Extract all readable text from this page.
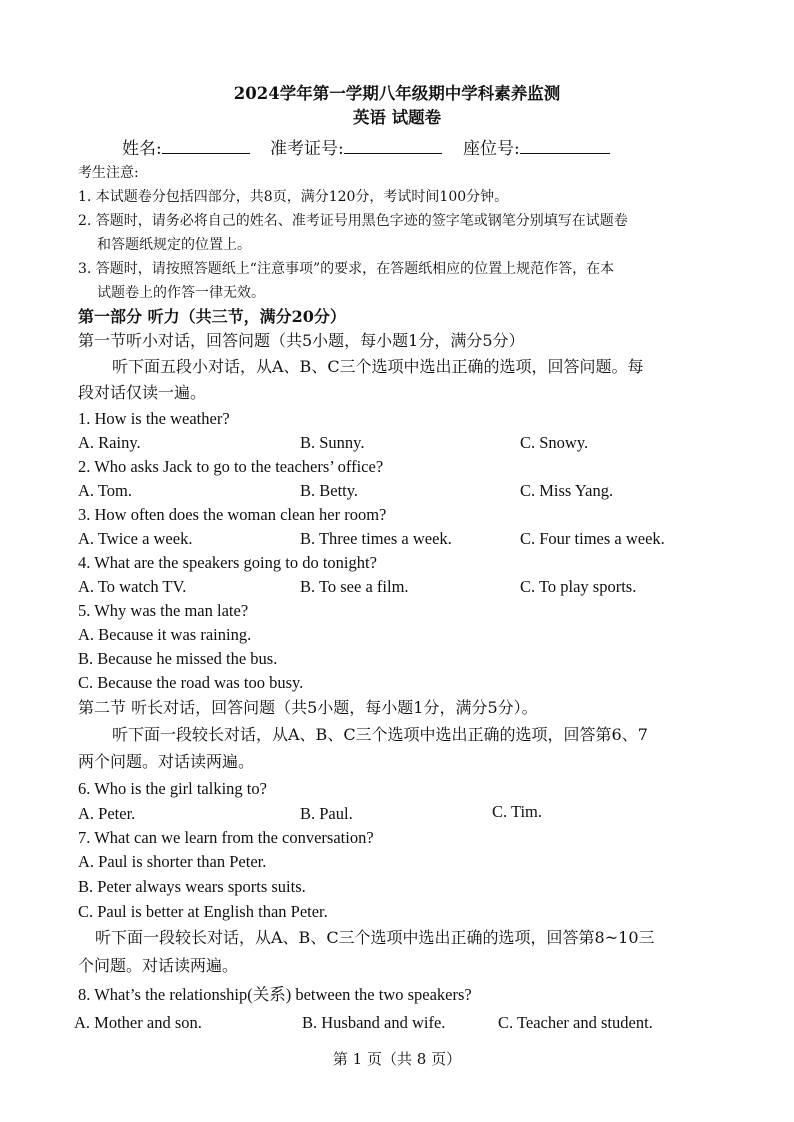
2024学年第一学期八年级期中学科素养监测
英语 试题卷
姓名:	准考证号:	座位号:
考生注意:
1. 本试题卷分包括四部分，共8页，满分120分，考试时间100分钟。
2. 答题时，请务必将自己的姓名、准考证号用黑色字迹的签字笔或钢笔分别填写在试题卷
和答题纸规定的位置上。
3. 答题时，请按照答题纸上“注意事项”的要求，在答题纸相应的位置上规范作答，在本
试题卷上的作答一律无效。
第一部分 听力（共三节，满分20分）
第一节听小对话，回答问题（共5小题，每小题1分，满分5分）
听下面五段小对话，从A、B、C三个选项中选出正确的选项，回答问题。每
段对话仅读一遍。
1. How is the weather?
A. Rainy.	B. Sunny.	C. Snowy.
2. Who asks Jack to go to the teachers’ office?
A. Tom.	B. Betty.	C. Miss Yang.
3. How often does the woman clean her room?
A. Twice a week.	B. Three times a week.	C. Four times a week.
4. What are the speakers going to do tonight?
A. To watch TV.	B. To see a film.	C. To play sports.
5. Why was the man late?
A. Because it was raining.
B. Because he missed the bus.
C. Because the road was too busy.
第二节 听长对话，回答问题（共5小题，每小题1分，满分5分）。
听下面一段较长对话，从A、B、C三个选项中选出正确的选项，回答第6、7
两个问题。对话读两遍。
6. Who is the girl talking to?
A. Peter.	B. Paul.	C. Tim.
7. What can we learn from the conversation?
A. Paul is shorter than Peter.
B. Peter always wears sports suits.
C. Paul is better at English than Peter.
听下面一段较长对话，从A、B、C三个选项中选出正确的选项，回答第8~10三
个问题。对话读两遍。
8. What’s the relationship(关系) between the two speakers?
A. Mother and son.	B. Husband and wife.	C. Teacher and student.
第 1 页（共 8 页）
